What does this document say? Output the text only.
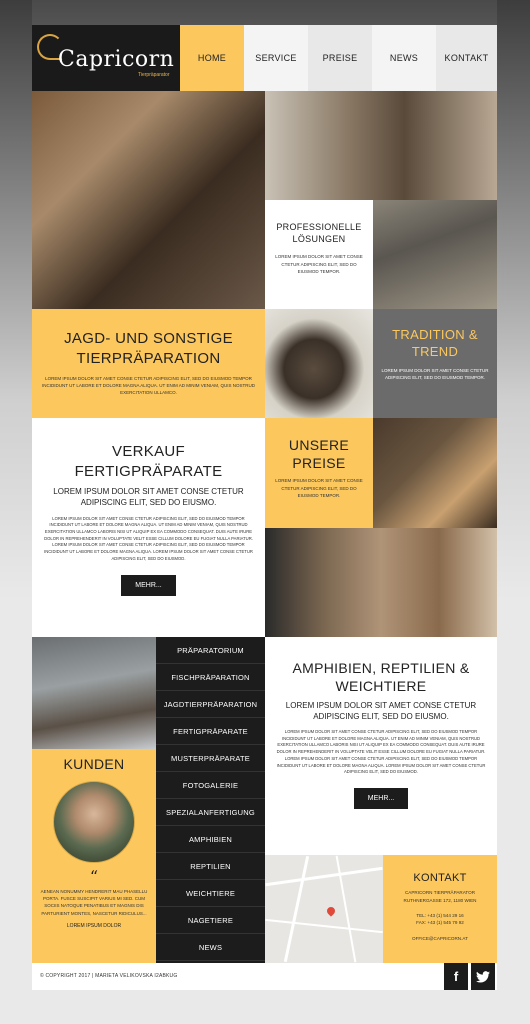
Capricorn
Tierpräparator
HOME	SERVICE	PREISE	NEWS	KONTAKT
PROFESSIONELLE LÖSUNGEN
LOREM IPSUM DOLOR SIT AMET CONSE CTETUR ADIPISCING ELIT, SED DO EIUSMOD TEMPOR.
JAGD- UND SONSTIGE TIERPRÄPARATION
LOREM IPSUM DOLOR SIT AMET CONSE CTETUR ADIPISCING ELIT, SED DO EIUSMOD TEMPOR INCIDIDUNT UT LABORE ET DOLORE MAGNA ALIQUA. UT ENIM AD MINIM VENIAM, QUIS NOSTRUD EXERCITATION ULLAMCO.
TRADITION & TREND
LOREM IPSUM DOLOR SIT AMET CONSE CTETUR ADIPISCING ELIT, SED DO EIUSMOD TEMPOR.
VERKAUF FERTIGPRÄPARATE
LOREM IPSUM DOLOR SIT AMET CONSE CTETUR ADIPISCING ELIT, SED DO EIUSMO.
LOREM IPSUM DOLOR SIT AMET CONSE CTETUR ADIPISCING ELIT, SED DO EIUSMOD TEMPOR INCIDIDUNT UT LABORE ET DOLORE MAGNA ALIQUA. UT ENIM AD MINIM VENIAM, QUIS NOSTRUD EXERCITATION ULLAMCO LABORIS NISI UT ALIQUIP EX EA COMMODO CONSEQUAT. DUIS AUTE IRURE DOLOR IN REPREHENDERIT IN VOLUPTATE VELIT ESSE CILLUM DOLORE EU FUGIAT NULLA PARIATUR. LOREM IPSUM DOLOR SIT AMET CONSE CTETUR ADIPISCING ELIT, SED DO EIUSMOD TEMPOR INCIDIDUNT UT LABORE ET DOLORE MAGNA ALIQUA. LOREM IPSUM DOLOR SIT AMET CONSE CTETUR ADIPISCING ELIT, SED DO EIUSMOD.
MEHR...
UNSERE PREISE
LOREM IPSUM DOLOR SIT AMET CONSE CTETUR ADIPISCING ELIT, SED DO EIUSMOD TEMPOR.
PRÄPARATORIUM
FISCHPRÄPARATION
JAGDTIERPRÄPARATION
FERTIGPRÄPARATE
MUSTERPRÄPARATE
FOTOGALERIE
SPEZIALANFERTIGUNG
AMPHIBIEN
REPTILIEN
WEICHTIERE
NAGETIERE
NEWS
AMPHIBIEN, REPTILIEN & WEICHTIERE
LOREM IPSUM DOLOR SIT AMET CONSE CTETUR ADIPISCING ELIT, SED DO EIUSMO.
LOREM IPSUM DOLOR SIT AMET CONSE CTETUR ADIPISCING ELIT, SED DO EIUSMOD TEMPOR INCIDIDUNT UT LABORE ET DOLORE MAGNA ALIQUA. UT ENIM AD MINIM VENIAM, QUIS NOSTRUD EXERCITATION ULLAMCO LABORIS NISI UT ALIQUIP EX EA COMMODO CONSEQUAT. DUIS AUTE IRURE DOLOR IN REPREHENDERIT IN VOLUPTATE VELIT ESSE CILLUM DOLORE EU FUGIAT NULLA PARIATUR. LOREM IPSUM DOLOR SIT AMET CONSE CTETUR ADIPISCING ELIT, SED DO EIUSMOD TEMPOR INCIDIDUNT UT LABORE ET DOLORE MAGNA ALIQUA. LOREM IPSUM DOLOR SIT AMET CONSE CTETUR ADIPISCING ELIT, SED DO EIUSMOD.
MEHR...
KUNDEN
“
AENEAN NONUMMY HENDRERIT MAU PHASELLU PORTA. FUSCE SUSCIPIT VARIUS MI SED. CUM SOCIIS NATOQUE PENATIBUS ET MAGNIS DIS PARTURIENT MONTES, NASCETUR RIDICULUS...
LOREM IPSUM DOLOR
KONTAKT
CAPRICORN TIERPRÄPARATOR
RUTHNERGASSE 172, 1180 WIEN
TEL: +43 (1) 544 29 16
FAX: +43 (1) 545 79 92
OFFICE@CAPRICORN.AT
© COPYRIGHT 2017 | MARIETA VELIKOVSKA I2ABKUG	f
